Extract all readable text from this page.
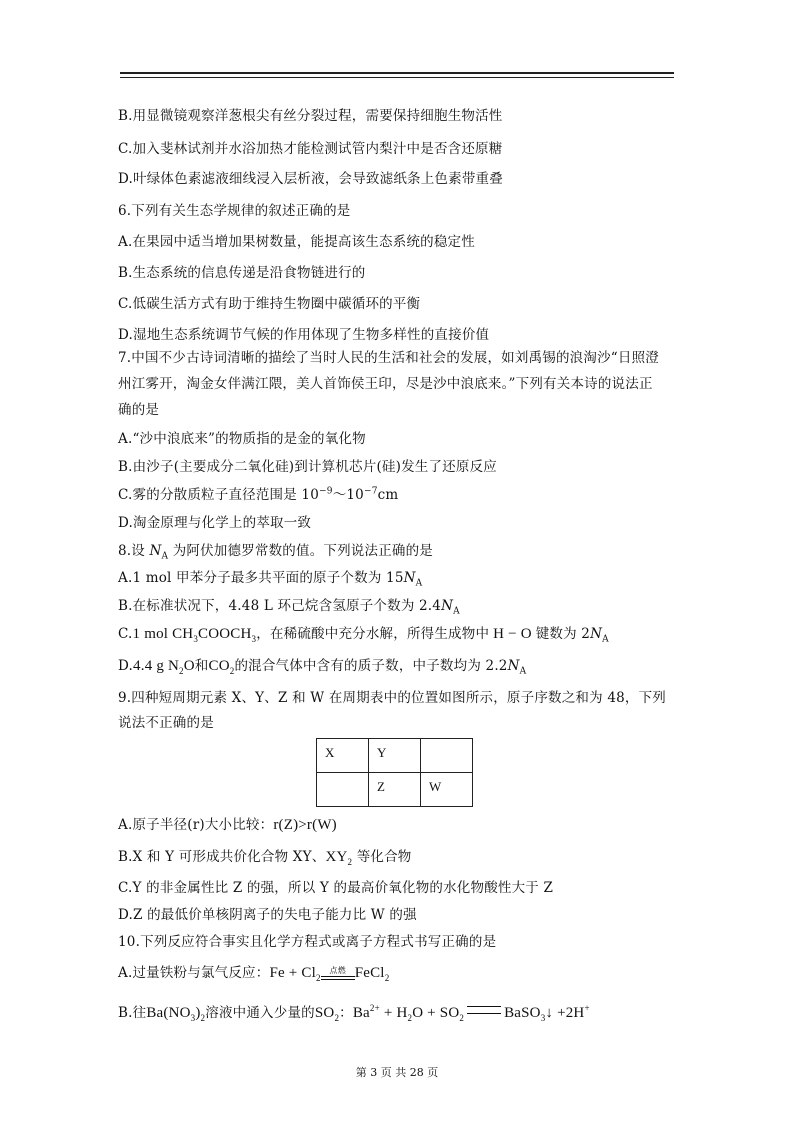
B.用显微镜观察洋葱根尖有丝分裂过程，需要保持细胞生物活性
C.加入斐林试剂并水浴加热才能检测试管内梨汁中是否含还原糖
D.叶绿体色素滤液细线浸入层析液，会导致滤纸条上色素带重叠
6.下列有关生态学规律的叙述正确的是
A.在果园中适当增加果树数量，能提高该生态系统的稳定性
B.生态系统的信息传递是沿食物链进行的
C.低碳生活方式有助于维持生物圈中碳循环的平衡
D.湿地生态系统调节气候的作用体现了生物多样性的直接价值
7.中国不少古诗词清晰的描绘了当时人民的生活和社会的发展，如刘禹锡的浪淘沙“日照澄
州江雾开，淘金女伴满江隈，美人首饰侯王印，尽是沙中浪底来。”下列有关本诗的说法正
确的是
A.“沙中浪底来”的物质指的是金的氧化物
B.由沙子(主要成分二氧化硅)到计算机芯片(硅)发生了还原反应
C.雾的分散质粒子直径范围是 $10^{-9}\sim 10^{-7}cm$
D.淘金原理与化学上的萃取一致
8.设 $N_A$ 为阿伏加德罗常数的值。下列说法正确的是
A.1 mol 甲苯分子最多共平面的原子个数为 $15N_A$
B.在标准状况下，4.48 L 环己烷含氢原子个数为 $2.4N_A$
C.1 mol $CH_3COOCH_3$，在稀硫酸中充分水解，所得生成物中 H − O 键数为 $2N_A$
D.4.4 g $N_2O$和$CO_2$的混合气体中含有的质子数，中子数均为 $2.2N_A$
9.四种短周期元素 X、Y、Z 和 W 在周期表中的位置如图所示，原子序数之和为 48，下列
说法不正确的是
X	Y	
	Z	W
A.原子半径(r)大小比较：r(Z)>r(W)
B.X 和 Y 可形成共价化合物 XY、$XY_2$ 等化合物
C.Y 的非金属性比 Z 的强，所以 Y 的最高价氧化物的水化物酸性大于 Z
D.Z 的最低价单核阴离子的失电子能力比 W 的强
10.下列反应符合事实且化学方程式或离子方程式书写正确的是
A.过量铁粉与氯气反应：$Fe + Cl_2$点燃 FeCl$_2$
B.往$Ba(NO_3)_2$溶液中通入少量的$SO_2$：$Ba^{2+} + H_2O + SO_2$	BaSO$_3$↓ +2H+
第 3 页 共 28 页
